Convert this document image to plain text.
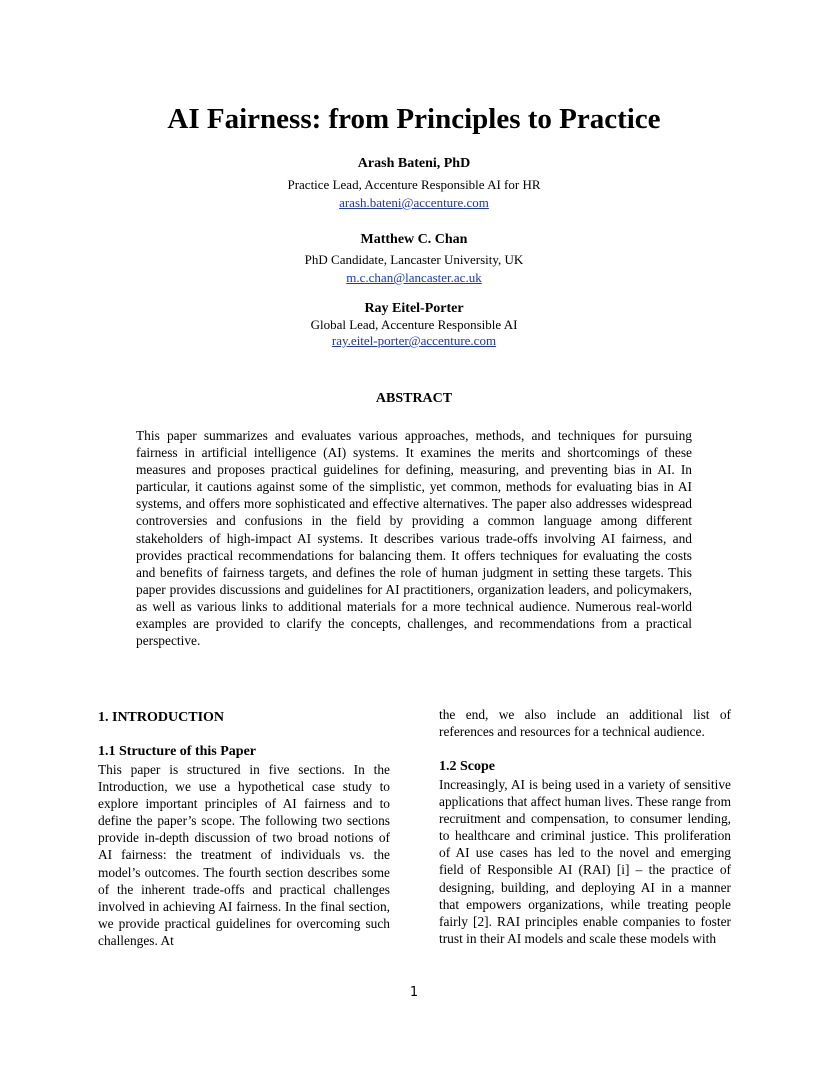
AI Fairness: from Principles to Practice
Arash Bateni, PhD
Practice Lead, Accenture Responsible AI for HR
arash.bateni@accenture.com
Matthew C. Chan
PhD Candidate, Lancaster University, UK
m.c.chan@lancaster.ac.uk
Ray Eitel-Porter
Global Lead, Accenture Responsible AI
ray.eitel-porter@accenture.com
ABSTRACT

This paper summarizes and evaluates various approaches, methods, and techniques for pursuing fairness in artificial intelligence (AI) systems. It examines the merits and shortcomings of these measures and proposes practical guidelines for defining, measuring, and preventing bias in AI. In particular, it cautions against some of the simplistic, yet common, methods for evaluating bias in AI systems, and offers more sophisticated and effective alternatives. The paper also addresses widespread controversies and confusions in the field by providing a common language among different stakeholders of high-impact AI systems. It describes various trade-offs involving AI fairness, and provides practical recommendations for balancing them. It offers techniques for evaluating the costs and benefits of fairness targets, and defines the role of human judgment in setting these targets. This paper provides discussions and guidelines for AI practitioners, organization leaders, and policymakers, as well as various links to additional materials for a more technical audience. Numerous real-world examples are provided to clarify the concepts, challenges, and recommendations from a practical perspective.

1. INTRODUCTION
1.1 Structure of this Paper

This paper is structured in five sections. In the Introduction, we use a hypothetical case study to explore important principles of AI fairness and to define the paper’s scope. The following two sections provide in-depth discussion of two broad notions of AI fairness: the treatment of individuals vs. the model’s outcomes. The fourth section describes some of the inherent trade-offs and practical challenges involved in achieving AI fairness. In the final section, we provide practical guidelines for overcoming such challenges. At

the end, we also include an additional list of references and resources for a technical audience.

1.2 Scope

Increasingly, AI is being used in a variety of sensitive applications that affect human lives. These range from recruitment and compensation, to consumer lending, to healthcare and criminal justice. This proliferation of AI use cases has led to the novel and emerging field of Responsible AI (RAI) [i] – the practice of designing, building, and deploying AI in a manner that empowers organizations, while treating people fairly [2]. RAI principles enable companies to foster trust in their AI models and scale these models with

1
